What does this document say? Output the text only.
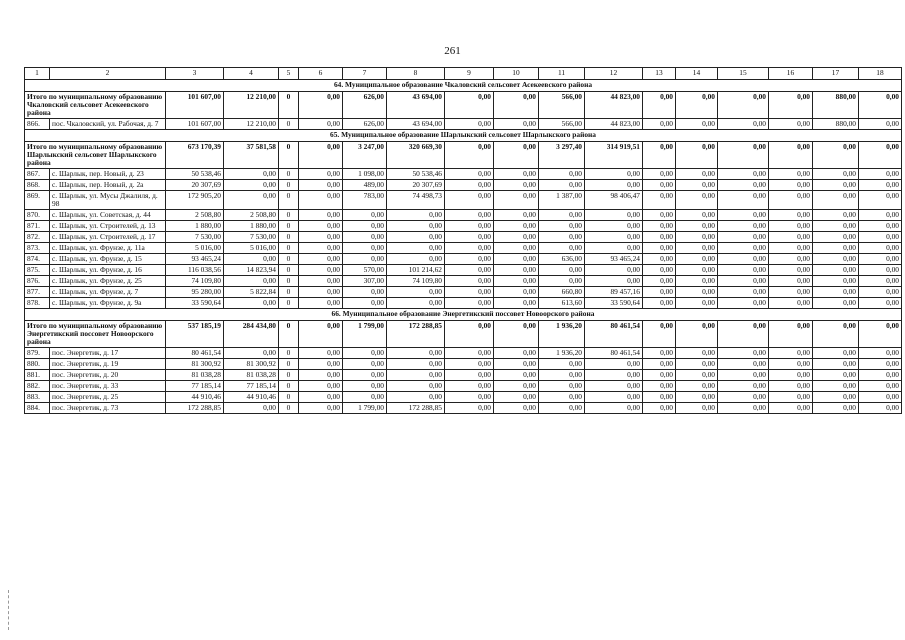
261
1	2	3	4	5	6	7	8	9	10	11	12	13	14	15	16	17	18
64. Муниципальное образование Чкаловский сельсовет Асекеевского района																	
Итого по муниципальному образованию Чкаловский сельсовет Асекеевского района		101 607,00	12 210,00	0	0,00	626,00	43 694,00	0,00	0,00	566,00	44 823,00	0,00	0,00	0,00	0,00	880,00	0,00
866.	пос. Чкаловский, ул. Рабочая, д. 7	101 607,00	12 210,00	0	0,00	626,00	43 694,00	0,00	0,00	566,00	44 823,00	0,00	0,00	0,00	0,00	880,00	0,00
65. Муниципальное образование Шарлыкский сельсовет Шарлыкского района																	
Итого по муниципальному образованию Шарлыкский сельсовет Шарлыкского района		673 170,39	37 581,58	0	0,00	3 247,00	320 669,30	0,00	0,00	3 297,40	314 919,51	0,00	0,00	0,00	0,00	0,00	0,00
867.	с. Шарлык, пер. Новый, д. 23	50 538,46	0,00	0	0,00	1 098,00	50 538,46	0,00	0,00	0,00	0,00	0,00	0,00	0,00	0,00	0,00	0,00
868.	с. Шарлык, пер. Новый, д. 2а	20 307,69	0,00	0	0,00	489,00	20 307,69	0,00	0,00	0,00	0,00	0,00	0,00	0,00	0,00	0,00	0,00
869.	с. Шарлык, ул. Мусы Джалиля, д. 98	172 905,20	0,00	0	0,00	783,00	74 498,73	0,00	0,00	1 387,00	98 406,47	0,00	0,00	0,00	0,00	0,00	0,00
870.	с. Шарлык, ул. Советская, д. 44	2 508,80	2 508,80	0	0,00	0,00	0,00	0,00	0,00	0,00	0,00	0,00	0,00	0,00	0,00	0,00	0,00
871.	с. Шарлык, ул. Строителей, д. 13	1 880,00	1 880,00	0	0,00	0,00	0,00	0,00	0,00	0,00	0,00	0,00	0,00	0,00	0,00	0,00	0,00
872.	с. Шарлык, ул. Строителей, д. 17	7 530,00	7 530,00	0	0,00	0,00	0,00	0,00	0,00	0,00	0,00	0,00	0,00	0,00	0,00	0,00	0,00
873.	с. Шарлык, ул. Фрунзе, д. 11а	5 016,00	5 016,00	0	0,00	0,00	0,00	0,00	0,00	0,00	0,00	0,00	0,00	0,00	0,00	0,00	0,00
874.	с. Шарлык, ул. Фрунзе, д. 15	93 465,24	0,00	0	0,00	0,00	0,00	0,00	0,00	636,00	93 465,24	0,00	0,00	0,00	0,00	0,00	0,00
875.	с. Шарлык, ул. Фрунзе, д. 16	116 038,56	14 823,94	0	0,00	570,00	101 214,62	0,00	0,00	0,00	0,00	0,00	0,00	0,00	0,00	0,00	0,00
876.	с. Шарлык, ул. Фрунзе, д. 25	74 109,80	0,00	0	0,00	307,00	74 109,80	0,00	0,00	0,00	0,00	0,00	0,00	0,00	0,00	0,00	0,00
877.	с. Шарлык, ул. Фрунзе, д. 7	95 280,00	5 822,84	0	0,00	0,00	0,00	0,00	0,00	660,80	89 457,16	0,00	0,00	0,00	0,00	0,00	0,00
878.	с. Шарлык, ул. Фрунзе, д. 9а	33 590,64	0,00	0	0,00	0,00	0,00	0,00	0,00	613,60	33 590,64	0,00	0,00	0,00	0,00	0,00	0,00
66. Муниципальное образование Энергетикский поссовет Новоорского района																	
Итого по муниципальному образованию Энергетикский поссовет Новоорского района		537 185,19	284 434,80	0	0,00	1 799,00	172 288,85	0,00	0,00	1 936,20	80 461,54	0,00	0,00	0,00	0,00	0,00	0,00
879.	пос. Энергетик, д. 17	80 461,54	0,00	0	0,00	0,00	0,00	0,00	0,00	1 936,20	80 461,54	0,00	0,00	0,00	0,00	0,00	0,00
880.	пос. Энергетик, д. 19	81 300,92	81 300,92	0	0,00	0,00	0,00	0,00	0,00	0,00	0,00	0,00	0,00	0,00	0,00	0,00	0,00
881.	пос. Энергетик, д. 20	81 038,28	81 038,28	0	0,00	0,00	0,00	0,00	0,00	0,00	0,00	0,00	0,00	0,00	0,00	0,00	0,00
882.	пос. Энергетик, д. 33	77 185,14	77 185,14	0	0,00	0,00	0,00	0,00	0,00	0,00	0,00	0,00	0,00	0,00	0,00	0,00	0,00
883.	пос. Энергетик, д. 25	44 910,46	44 910,46	0	0,00	0,00	0,00	0,00	0,00	0,00	0,00	0,00	0,00	0,00	0,00	0,00	0,00
884.	пос. Энергетик, д. 73	172 288,85	0,00	0	0,00	1 799,00	172 288,85	0,00	0,00	0,00	0,00	0,00	0,00	0,00	0,00	0,00	0,00
